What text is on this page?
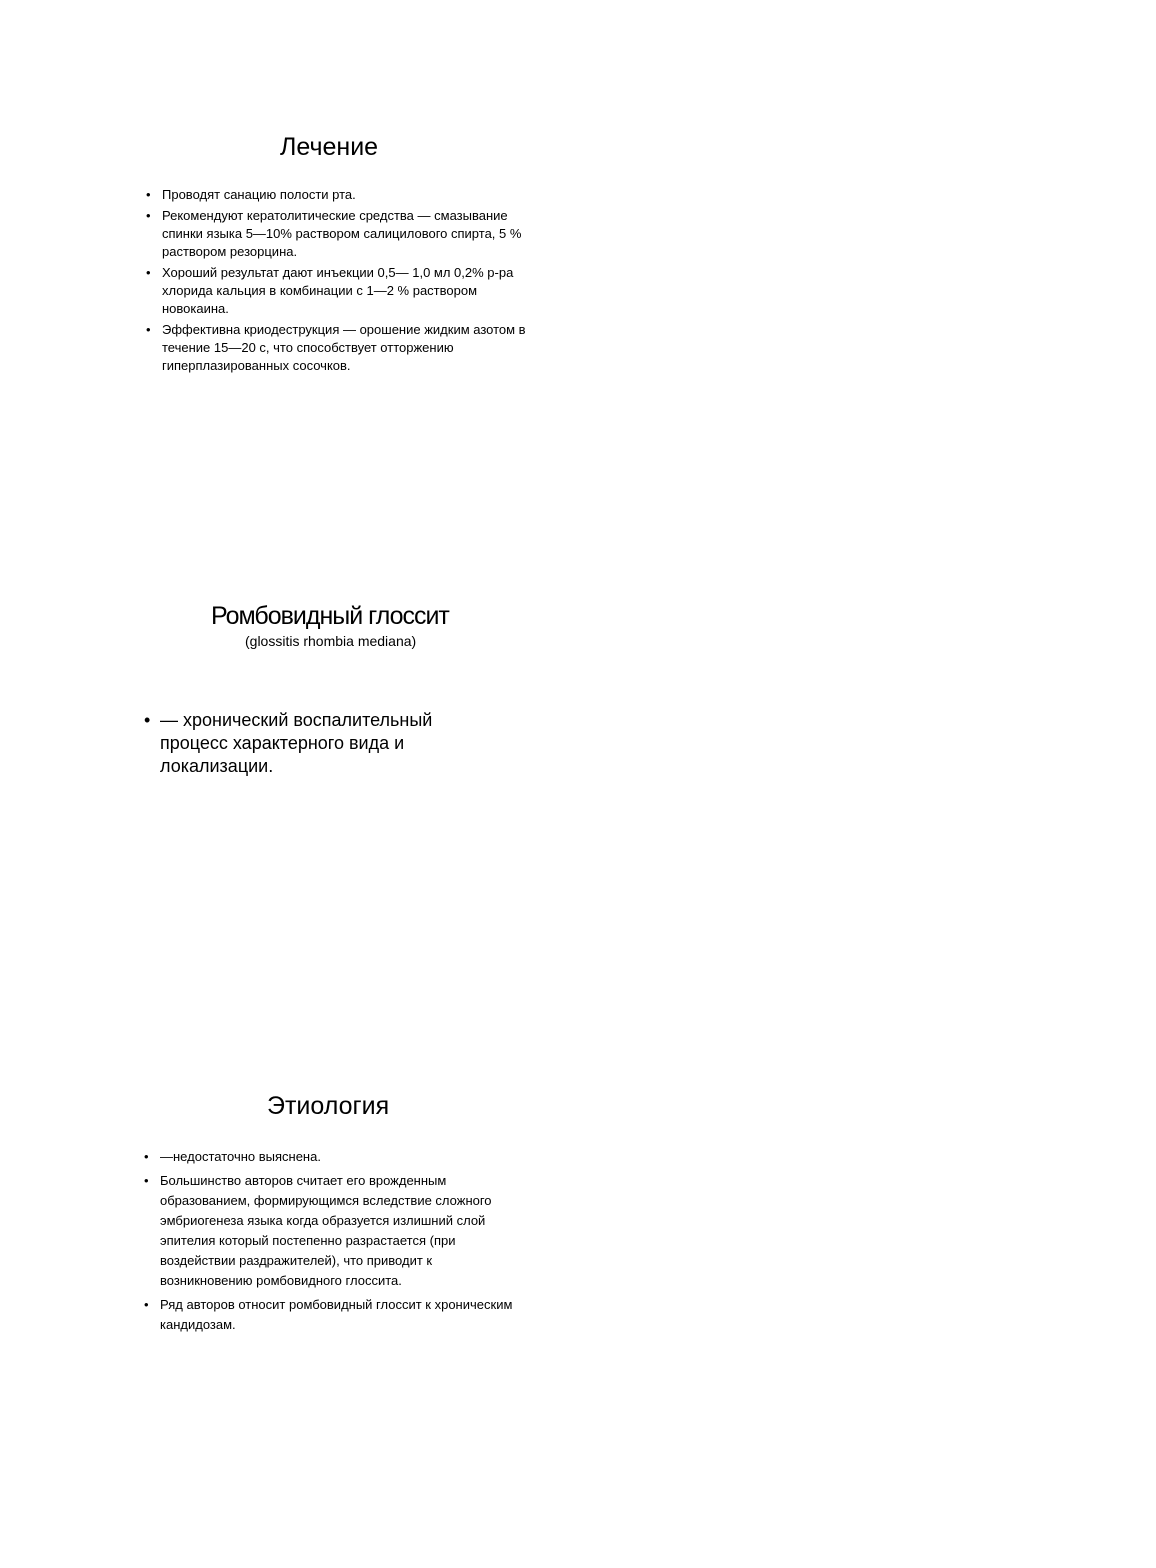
Лечение
• Проводят санацию полости рта.
• Рекомендуют кератолитические средства — смазывание спинки языка 5—10% раствором салицилового спирта, 5 % раствором резорцина.
• Хороший результат дают инъекции 0,5— 1,0 мл 0,2% р-ра хлорида кальция в комбинации с 1—2 % раствором новокаина.
• Эффективна криодеструкция — орошение жидким азотом в течение 15—20 с, что способствует отторжению гиперплазированных сосочков.
Ромбовидный глоссит
(glossitis rhombia mediana)
• — хронический воспалительный процесс характерного вида и локализации.
Этиология
• —недостаточно выяснена.
• Большинство авторов считает его врожденным образованием, формирующимся вследствие сложного эмбриогенеза языка когда образуется излишний слой эпителия который постепенно разрастается (при воздействии раздражителей), что приводит к возникновению ромбовидного глоссита.
• Ряд авторов относит ромбовидный глоссит к хроническим кандидозам.
